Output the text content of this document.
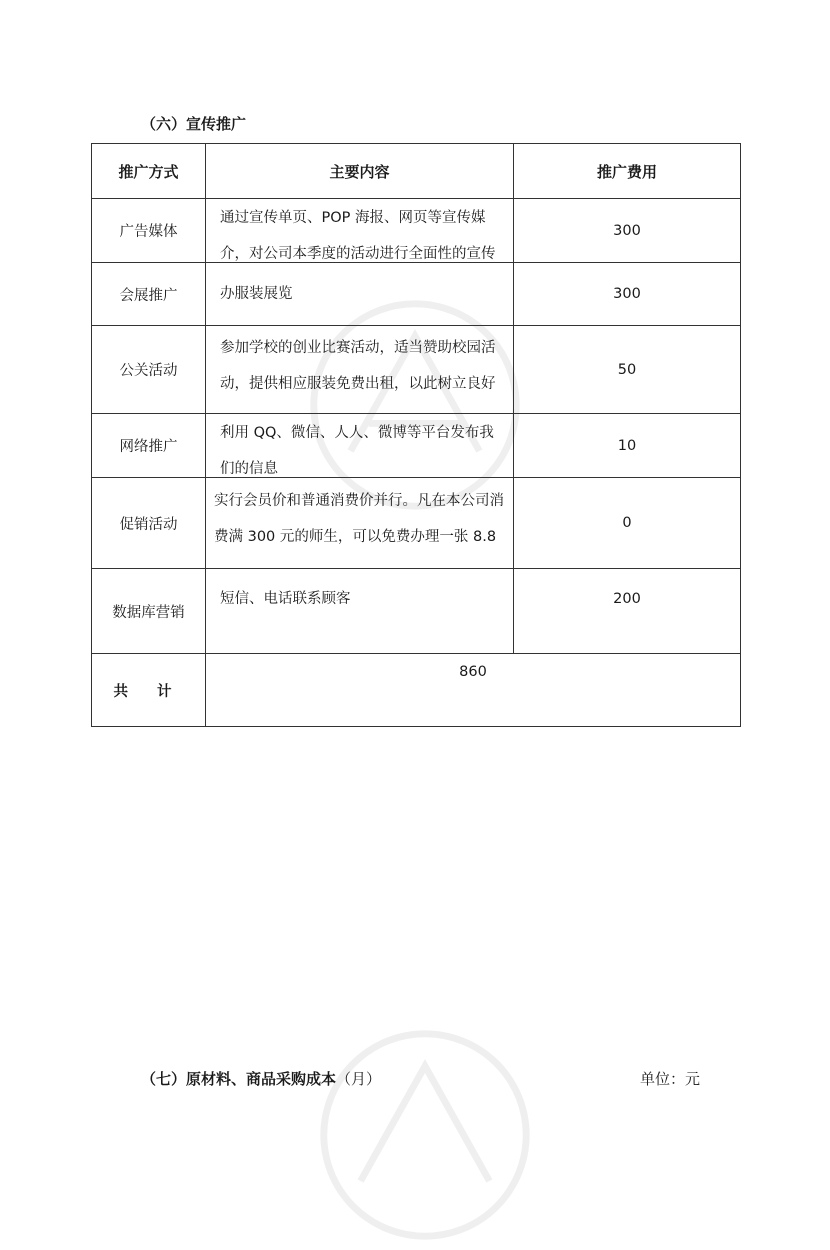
（六）宣传推广
推广方式	主要内容	推广费用
广告媒体	通过宣传单页、POP 海报、网页等宣传媒介，对公司本季度的活动进行全面性的宣传	300
会展推广	办服装展览	300
公关活动	参加学校的创业比赛活动，适当赞助校园活动，提供相应服装免费出租，以此树立良好	50
网络推广	利用 QQ、微信、人人、微博等平台发布我们的信息	10
促销活动	实行会员价和普通消费价并行。凡在本公司消费满 300 元的师生，可以免费办理一张 8.8	0
数据库营销	短信、电话联系顾客	200

共 计	860	
（七）原材料、商品采购成本（月）	单位：元
